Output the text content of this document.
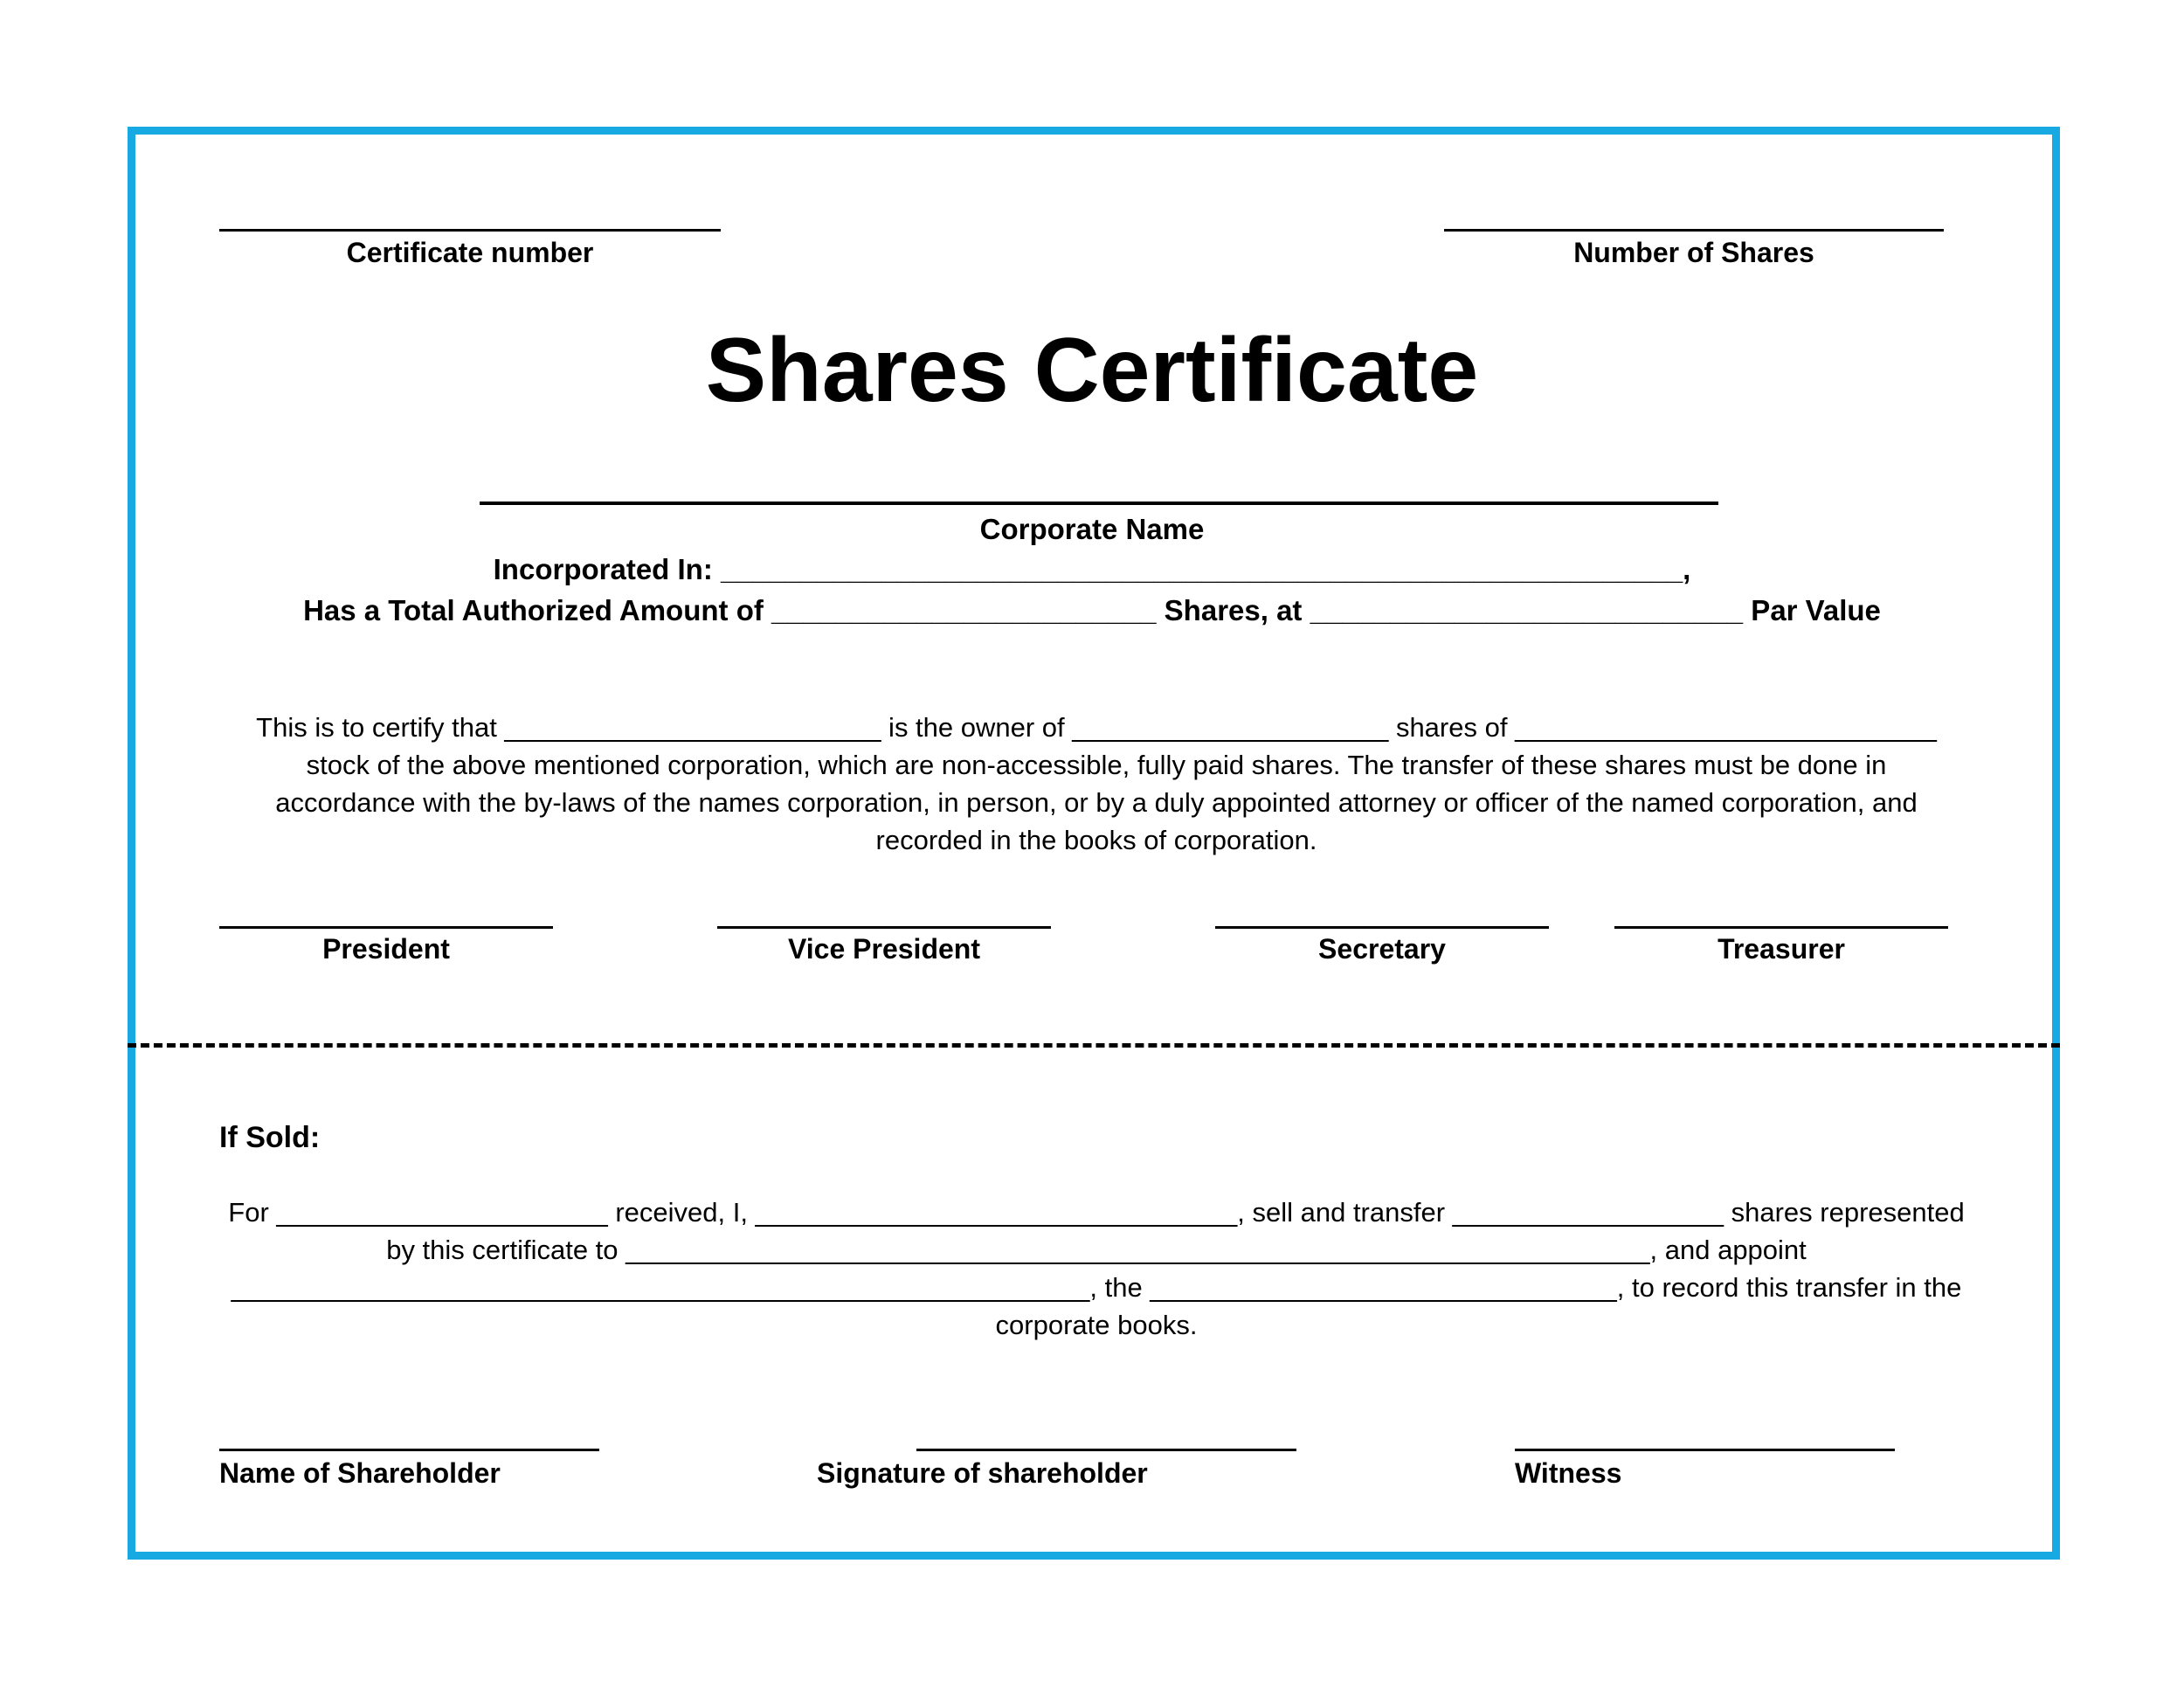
Certificate number	Number of Shares
Shares Certificate
Corporate Name
Incorporated In: ____________________________________________________________,
Has a Total Authorized Amount of ________________________ Shares, at ___________________________ Par Value
This is to certify that _________________________ is the owner of _____________________ shares of ____________________________
stock of the above mentioned corporation, which are non-accessible, fully paid shares. The transfer of these shares must be done in
accordance with the by-laws of the names corporation, in person, or by a duly appointed attorney or officer of the named corporation, and
recorded in the books of corporation.
President	Vice President	Secretary	Treasurer
If Sold:
For ______________________ received, I, ________________________________, sell and transfer __________________ shares represented
by this certificate to ____________________________________________________________________, and appoint
_________________________________________________________, the _______________________________, to record this transfer in the
corporate books.
Name of Shareholder	Signature of shareholder	Witness
